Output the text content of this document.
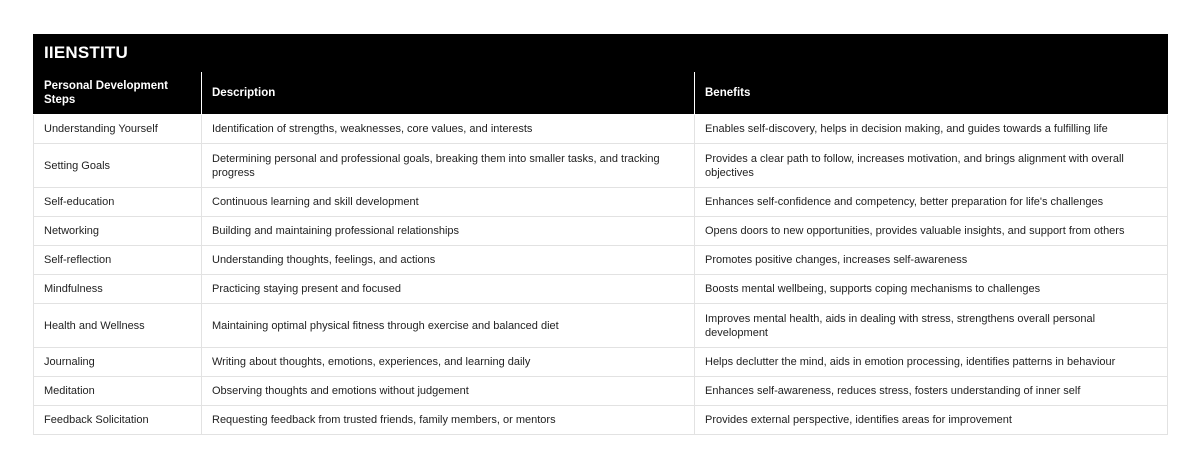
IIENSTITU		
Personal Development Steps	Description	Benefits
Understanding Yourself	Identification of strengths, weaknesses, core values, and interests	Enables self-discovery, helps in decision making, and guides towards a fulfilling life
Setting Goals	Determining personal and professional goals, breaking them into smaller tasks, and tracking progress	Provides a clear path to follow, increases motivation, and brings alignment with overall objectives
Self-education	Continuous learning and skill development	Enhances self-confidence and competency, better preparation for life's challenges
Networking	Building and maintaining professional relationships	Opens doors to new opportunities, provides valuable insights, and support from others
Self-reflection	Understanding thoughts, feelings, and actions	Promotes positive changes, increases self-awareness
Mindfulness	Practicing staying present and focused	Boosts mental wellbeing, supports coping mechanisms to challenges
Health and Wellness	Maintaining optimal physical fitness through exercise and balanced diet	Improves mental health, aids in dealing with stress, strengthens overall personal development
Journaling	Writing about thoughts, emotions, experiences, and learning daily	Helps declutter the mind, aids in emotion processing, identifies patterns in behaviour
Meditation	Observing thoughts and emotions without judgement	Enhances self-awareness, reduces stress, fosters understanding of inner self
Feedback Solicitation	Requesting feedback from trusted friends, family members, or mentors	Provides external perspective, identifies areas for improvement
